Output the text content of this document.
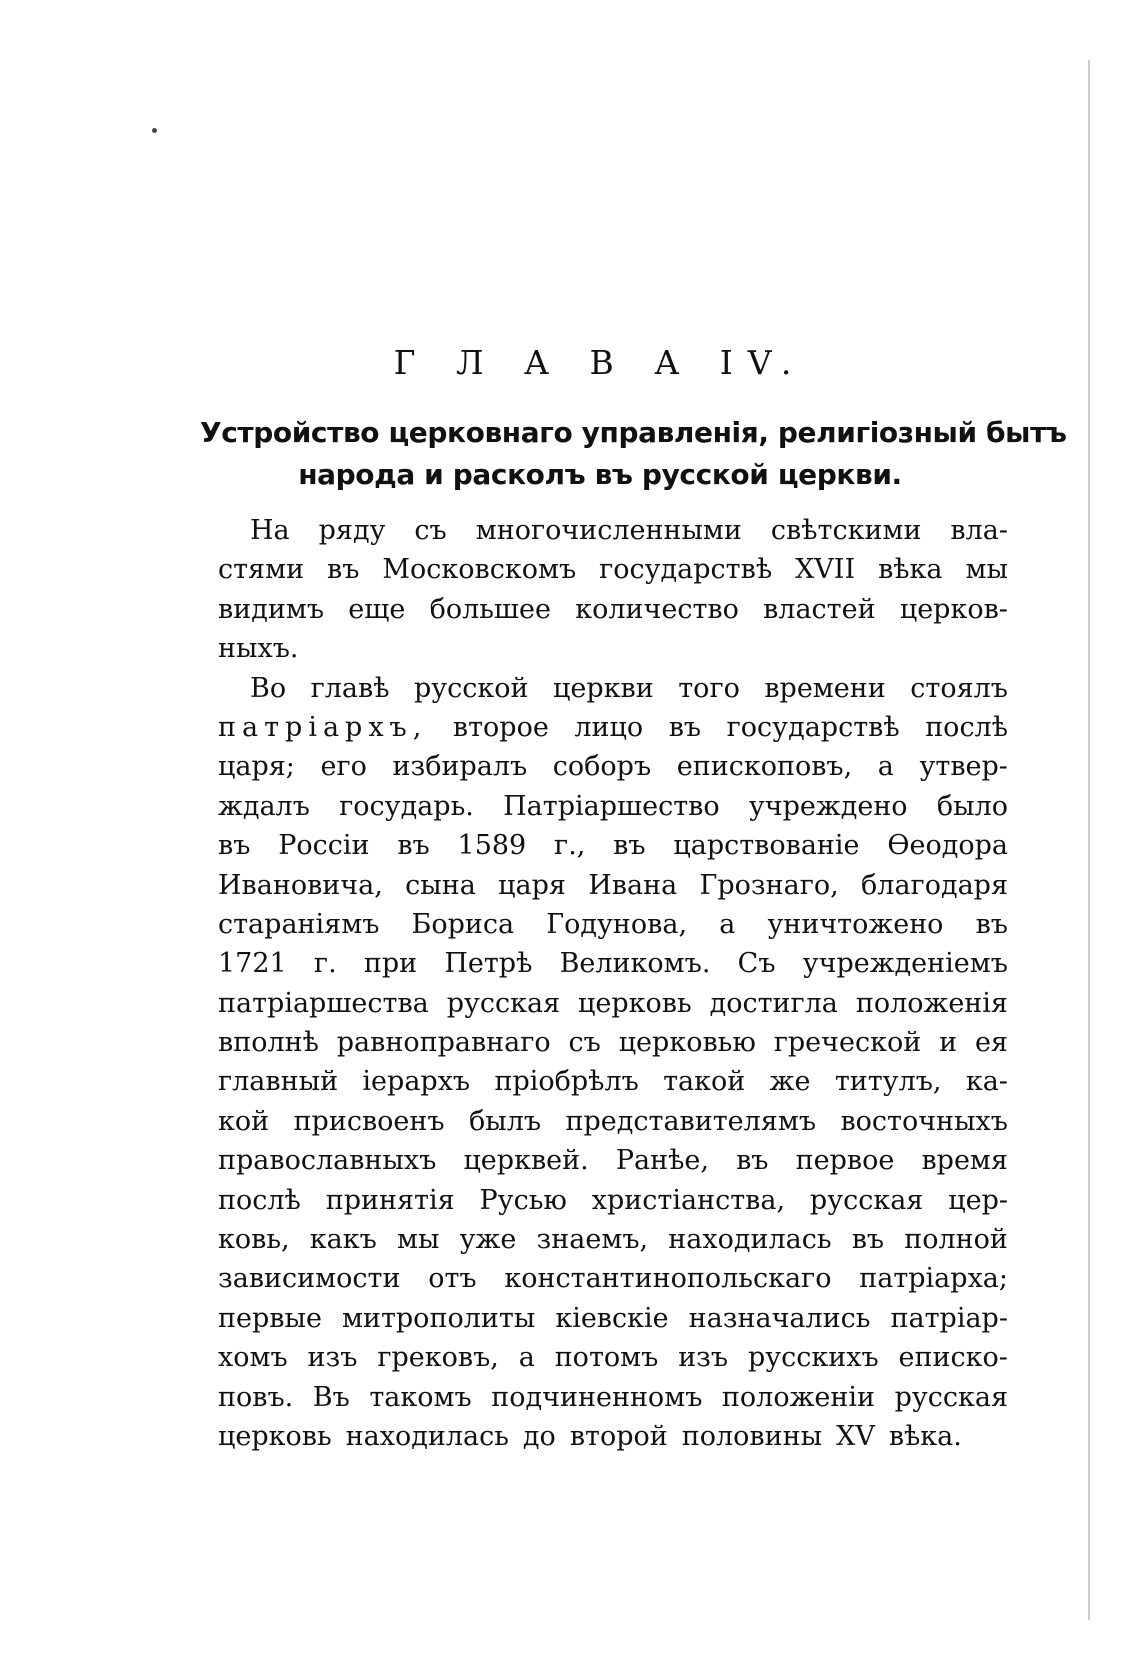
Г Л А В А IV.
Устройство церковнаго управленія, религіозный бытъ
народа и расколъ въ русской церкви.
На ряду съ многочисленными свѣтскими вла-
стями въ Московскомъ государствѣ XVII вѣка мы
видимъ еще большее количество властей церков-
ныхъ.
Во главѣ русской церкви того времени стоялъ
патріархъ, второе лицо въ государствѣ послѣ
царя; его избиралъ соборъ епископовъ, а утвер-
ждалъ государь. Патріаршество учреждено было
въ Россіи въ 1589 г., въ царствованіе Ѳеодора
Ивановича, сына царя Ивана Грознаго, благодаря
стараніямъ Бориса Годунова, а уничтожено въ
1721 г. при Петрѣ Великомъ. Съ учрежденіемъ
патріаршества русская церковь достигла положенія
вполнѣ равноправнаго съ церковью греческой и ея
главный іерархъ пріобрѣлъ такой же титулъ, ка-
кой присвоенъ былъ представителямъ восточныхъ
православныхъ церквей. Ранѣе, въ первое время
послѣ принятія Русью христіанства, русская цер-
ковь, какъ мы уже знаемъ, находилась въ полной
зависимости отъ константинопольскаго патріарха;
первые митрополиты кіевскіе назначались патріар-
хомъ изъ грековъ, а потомъ изъ русскихъ еписко-
повъ. Въ такомъ подчиненномъ положеніи русская
церковь находилась до второй половины XV вѣка.
